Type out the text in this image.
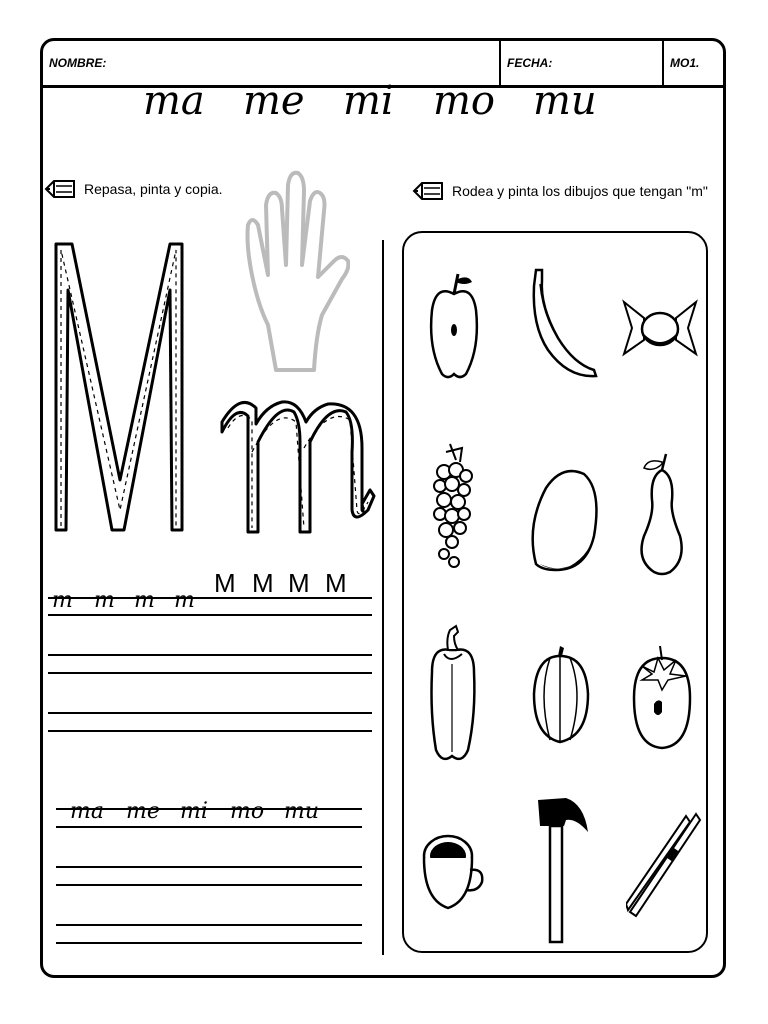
NOMBRE:	FECHA:	MO1.
ma me mi mo mu
Repasa, pinta y copia.	Rodea y pinta los dibujos que tengan "m"
m m m m
M M M M
ma me mi mo mu
